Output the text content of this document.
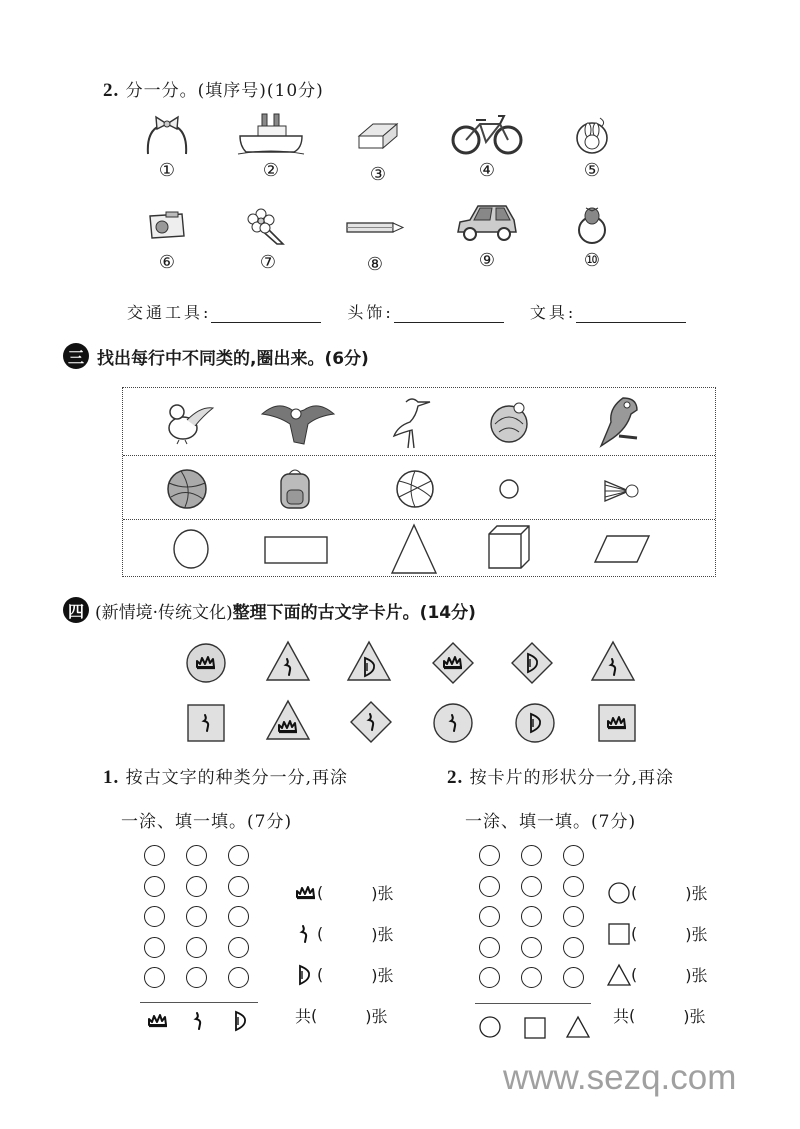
2. 分一分。(填序号)(10分)
①	②	③	④	⑤
⑥	⑦	⑧	⑨	⑩
交通工具:	头饰:	文具:
三 找出每行中不同类的,圈出来。(6分)
四 (新情境·传统文化)整理下面的古文字卡片。(14分)
1. 按古文字的种类分一分,再涂
一涂、填一填。(7分)
2. 按卡片的形状分一分,再涂
一涂、填一填。(7分)
(	)张
(	)张
(	)张
共 (	)张
(	)张
(	)张
(	)张
共 (	)张
www.sezq.com
